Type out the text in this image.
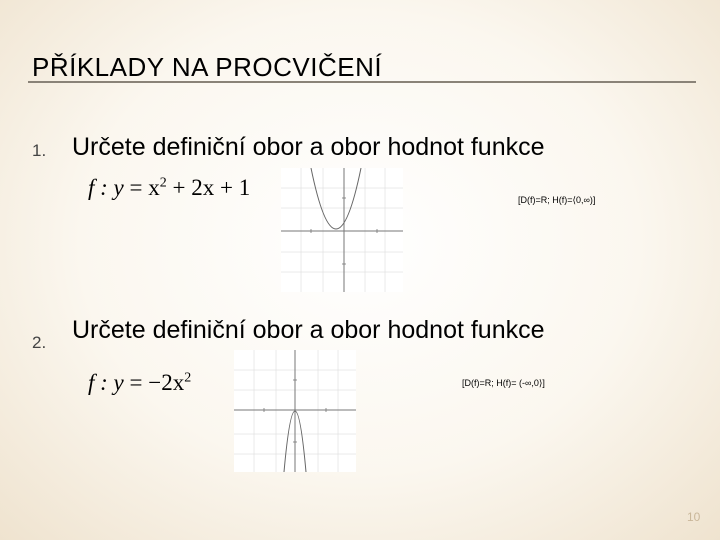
PŘÍKLADY NA PROCVIČENÍ
1. Určete definiční obor a obor hodnot funkce
f : $y = x^2 + 2x + 1$	[D(f)=R; H(f)=⟨0,∞)]
2. Určete definiční obor a obor hodnot funkce
f : $y = -2x^2$	[D(f)=R; H(f)= (-∞,0⟩]
10
